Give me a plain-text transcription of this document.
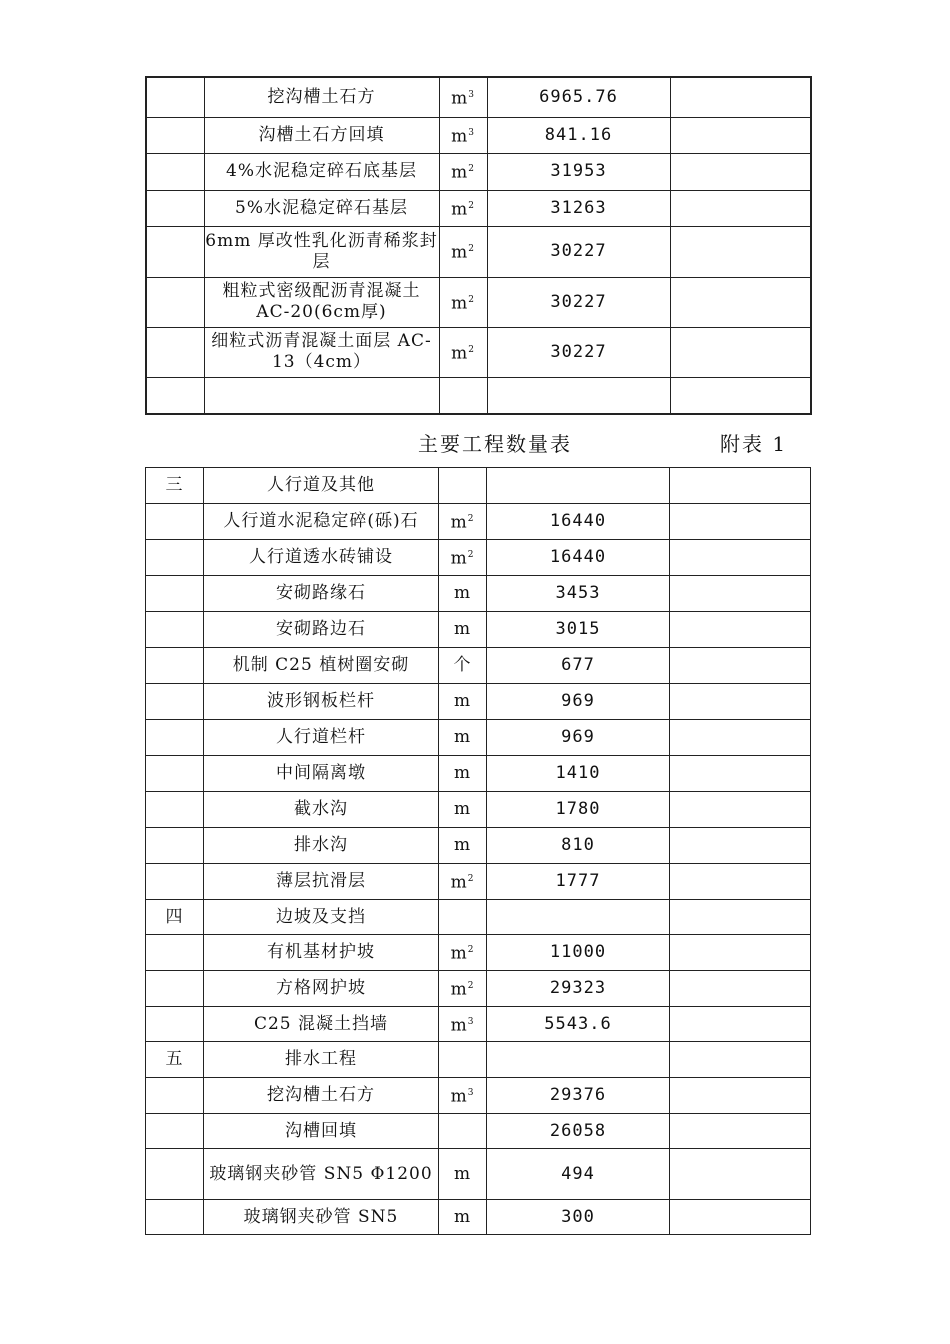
	挖沟槽土石方	$m^3$	6965.76	
	沟槽土石方回填	$m^3$	841.16	
	4%水泥稳定碎石底基层	$m^2$	31953	
	5%水泥稳定碎石基层	$m^2$	31263	
	6mm 厚改性乳化沥青稀浆封层	$m^2$	30227	
	粗粒式密级配沥青混凝土 AC-20(6cm厚)	$m^2$	30227	
	细粒式沥青混凝土面层 AC-13（4cm）	$m^2$	30227	

主要工程数量表	附表 1
三	人行道及其他			
	人行道水泥稳定碎(砾)石	$m^2$	16440	
	人行道透水砖铺设	$m^2$	16440	
	安砌路缘石	m	3453	
	安砌路边石	m	3015	
	机制 C25 植树圈安砌	个	677	
	波形钢板栏杆	m	969	
	人行道栏杆	m	969	
	中间隔离墩	m	1410	
	截水沟	m	1780	
	排水沟	m	810	
	薄层抗滑层	$m^2$	1777	
四	边坡及支挡			
	有机基材护坡	$m^2$	11000	
	方格网护坡	$m^2$	29323	
	C25 混凝土挡墙	$m^3$	5543.6	
五	排水工程			
	挖沟槽土石方	$m^3$	29376	
	沟槽回填		26058	
	玻璃钢夹砂管 SN5 Φ1200	m	494	
	玻璃钢夹砂管 SN5	m	300	
